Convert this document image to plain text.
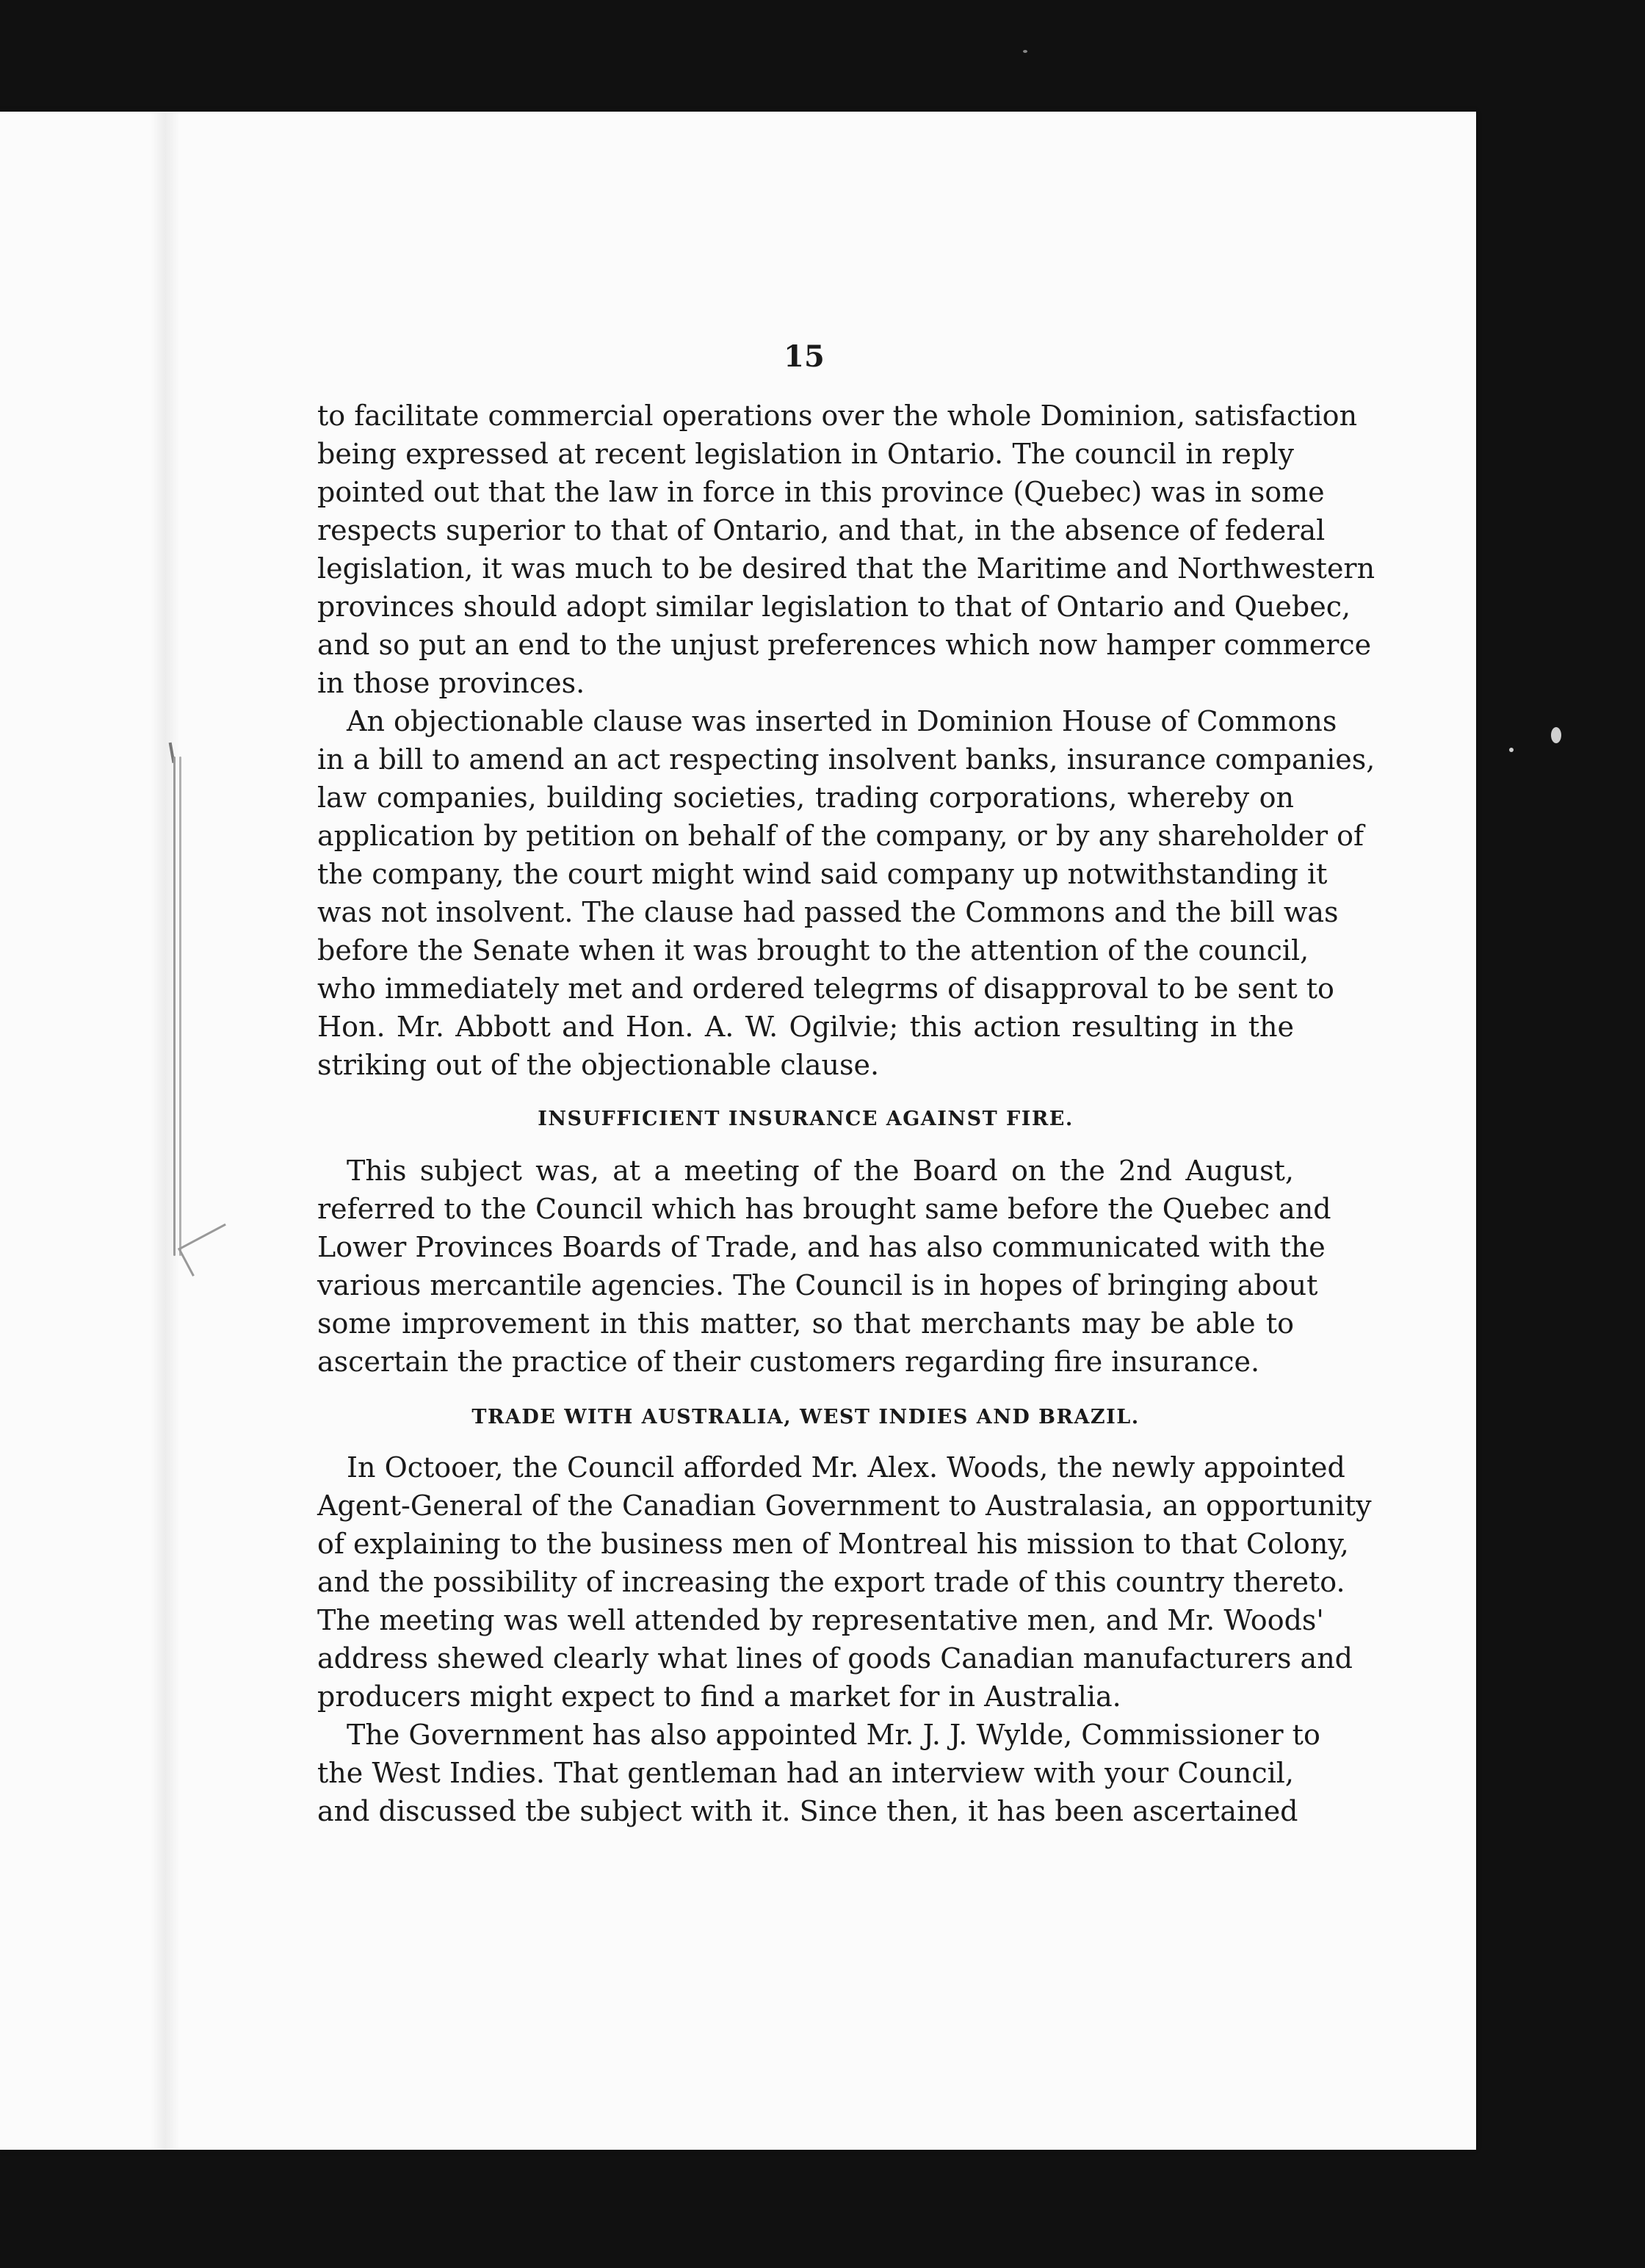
15
to facilitate commercial operations over the whole Dominion, satisfaction
being expressed at recent legislation in Ontario. The council in reply
pointed out that the law in force in this province (Quebec) was in some
respects superior to that of Ontario, and that, in the absence of federal
legislation, it was much to be desired that the Maritime and Northwestern
provinces should adopt similar legislation to that of Ontario and Quebec,
and so put an end to the unjust preferences which now hamper commerce
in those provinces.
An objectionable clause was inserted in Dominion House of Commons
in a bill to amend an act respecting insolvent banks, insurance companies,
law companies, building societies, trading corporations, whereby on
application by petition on behalf of the company, or by any shareholder of
the company, the court might wind said company up notwithstanding it
was not insolvent. The clause had passed the Commons and the bill was
before the Senate when it was brought to the attention of the council,
who immediately met and ordered telegrms of disapproval to be sent to
Hon. Mr. Abbott and Hon. A. W. Ogilvie; this action resulting in the
striking out of the objectionable clause.
INSUFFICIENT INSURANCE AGAINST FIRE.
This subject was, at a meeting of the Board on the 2nd August,
referred to the Council which has brought same before the Quebec and
Lower Provinces Boards of Trade, and has also communicated with the
various mercantile agencies. The Council is in hopes of bringing about
some improvement in this matter, so that merchants may be able to
ascertain the practice of their customers regarding fire insurance.
TRADE WITH AUSTRALIA, WEST INDIES AND BRAZIL.
In Octooer, the Council afforded Mr. Alex. Woods, the newly appointed
Agent-General of the Canadian Government to Australasia, an opportunity
of explaining to the business men of Montreal his mission to that Colony,
and the possibility of increasing the export trade of this country thereto.
The meeting was well attended by representative men, and Mr. Woods'
address shewed clearly what lines of goods Canadian manufacturers and
producers might expect to find a market for in Australia.
The Government has also appointed Mr. J. J. Wylde, Commissioner to
the West Indies. That gentleman had an interview with your Council,
and discussed tbe subject with it. Since then, it has been ascertained
